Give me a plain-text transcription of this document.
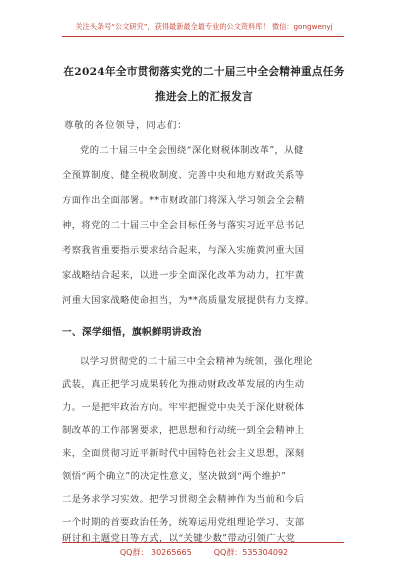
关注头条号“公文研究”，获得最新最全最专业的公文资料库！ 微信：gongwenyj
在2024年全市贯彻落实党的二十届三中全会精神重点任务
推进会上的汇报发言
尊敬的各位领导，同志们：
党的二十届三中全会围绕“深化财税体制改革”，从健
全预算制度、健全税收制度、完善中央和地方财政关系等
方面作出全面部署。**市财政部门将深入学习领会全会精
神，将党的二十届三中全会目标任务与落实习近平总书记
考察我省重要指示要求结合起来，与深入实施黄河重大国
家战略结合起来，以进一步全面深化改革为动力，扛牢黄
河重大国家战略使命担当，为**高质量发展提供有力支撑。
一、深学细悟，旗帜鲜明讲政治
以学习贯彻党的二十届三中全会精神为统领，强化理论
武装，真正把学习成果转化为推动财政改革发展的内生动
力。一是把牢政治方向。牢牢把握党中央关于深化财税体
制改革的工作部署要求，把思想和行动统一到全会精神上
来，全面贯彻习近平新时代中国特色社会主义思想，深刻
领悟“两个确立”的决定性意义，坚决做到“两个维护”
二是务求学习实效。把学习贯彻全会精神作为当前和今后
一个时期的首要政治任务，统筹运用党组理论学习、支部
研讨和主题党日等方式，以“关键少数”带动引领广大党
QQ群： 30265665	QQ群：535304092
